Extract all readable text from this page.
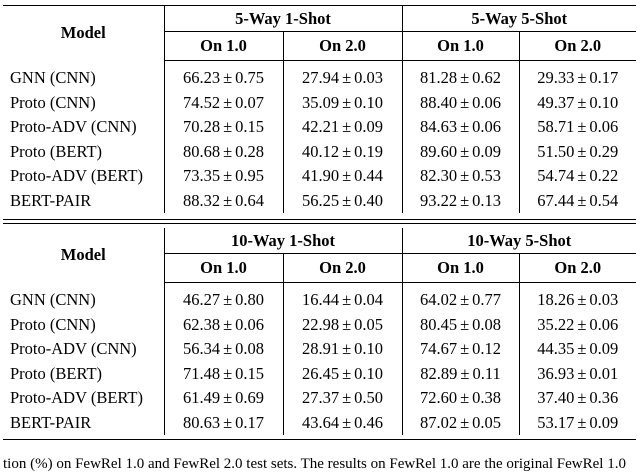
Model	5-Way 1-Shot		5-Way 5-Shot	
	On 1.0	On 2.0	On 1.0	On 2.0
GNN (CNN)	66.23 ± 0.75	27.94 ± 0.03	81.28 ± 0.62	29.33 ± 0.17
Proto (CNN)	74.52 ± 0.07	35.09 ± 0.10	88.40 ± 0.06	49.37 ± 0.10
Proto-ADV (CNN)	70.28 ± 0.15	42.21 ± 0.09	84.63 ± 0.06	58.71 ± 0.06
Proto (BERT)	80.68 ± 0.28	40.12 ± 0.19	89.60 ± 0.09	51.50 ± 0.29
Proto-ADV (BERT)	73.35 ± 0.95	41.90 ± 0.44	82.30 ± 0.53	54.74 ± 0.22
BERT-PAIR	88.32 ± 0.64	56.25 ± 0.40	93.22 ± 0.13	67.44 ± 0.54
Model	10-Way 1-Shot		10-Way 5-Shot	
	On 1.0	On 2.0	On 1.0	On 2.0
GNN (CNN)	46.27 ± 0.80	16.44 ± 0.04	64.02 ± 0.77	18.26 ± 0.03
Proto (CNN)	62.38 ± 0.06	22.98 ± 0.05	80.45 ± 0.08	35.22 ± 0.06
Proto-ADV (CNN)	56.34 ± 0.08	28.91 ± 0.10	74.67 ± 0.12	44.35 ± 0.09
Proto (BERT)	71.48 ± 0.15	26.45 ± 0.10	82.89 ± 0.11	36.93 ± 0.01
Proto-ADV (BERT)	61.49 ± 0.69	27.37 ± 0.50	72.60 ± 0.38	37.40 ± 0.36
BERT-PAIR	80.63 ± 0.17	43.64 ± 0.46	87.02 ± 0.05	53.17 ± 0.09
tion (%) on FewRel 1.0 and FewRel 2.0 test sets. The results on FewRel 1.0 are the original FewRel 1.0
